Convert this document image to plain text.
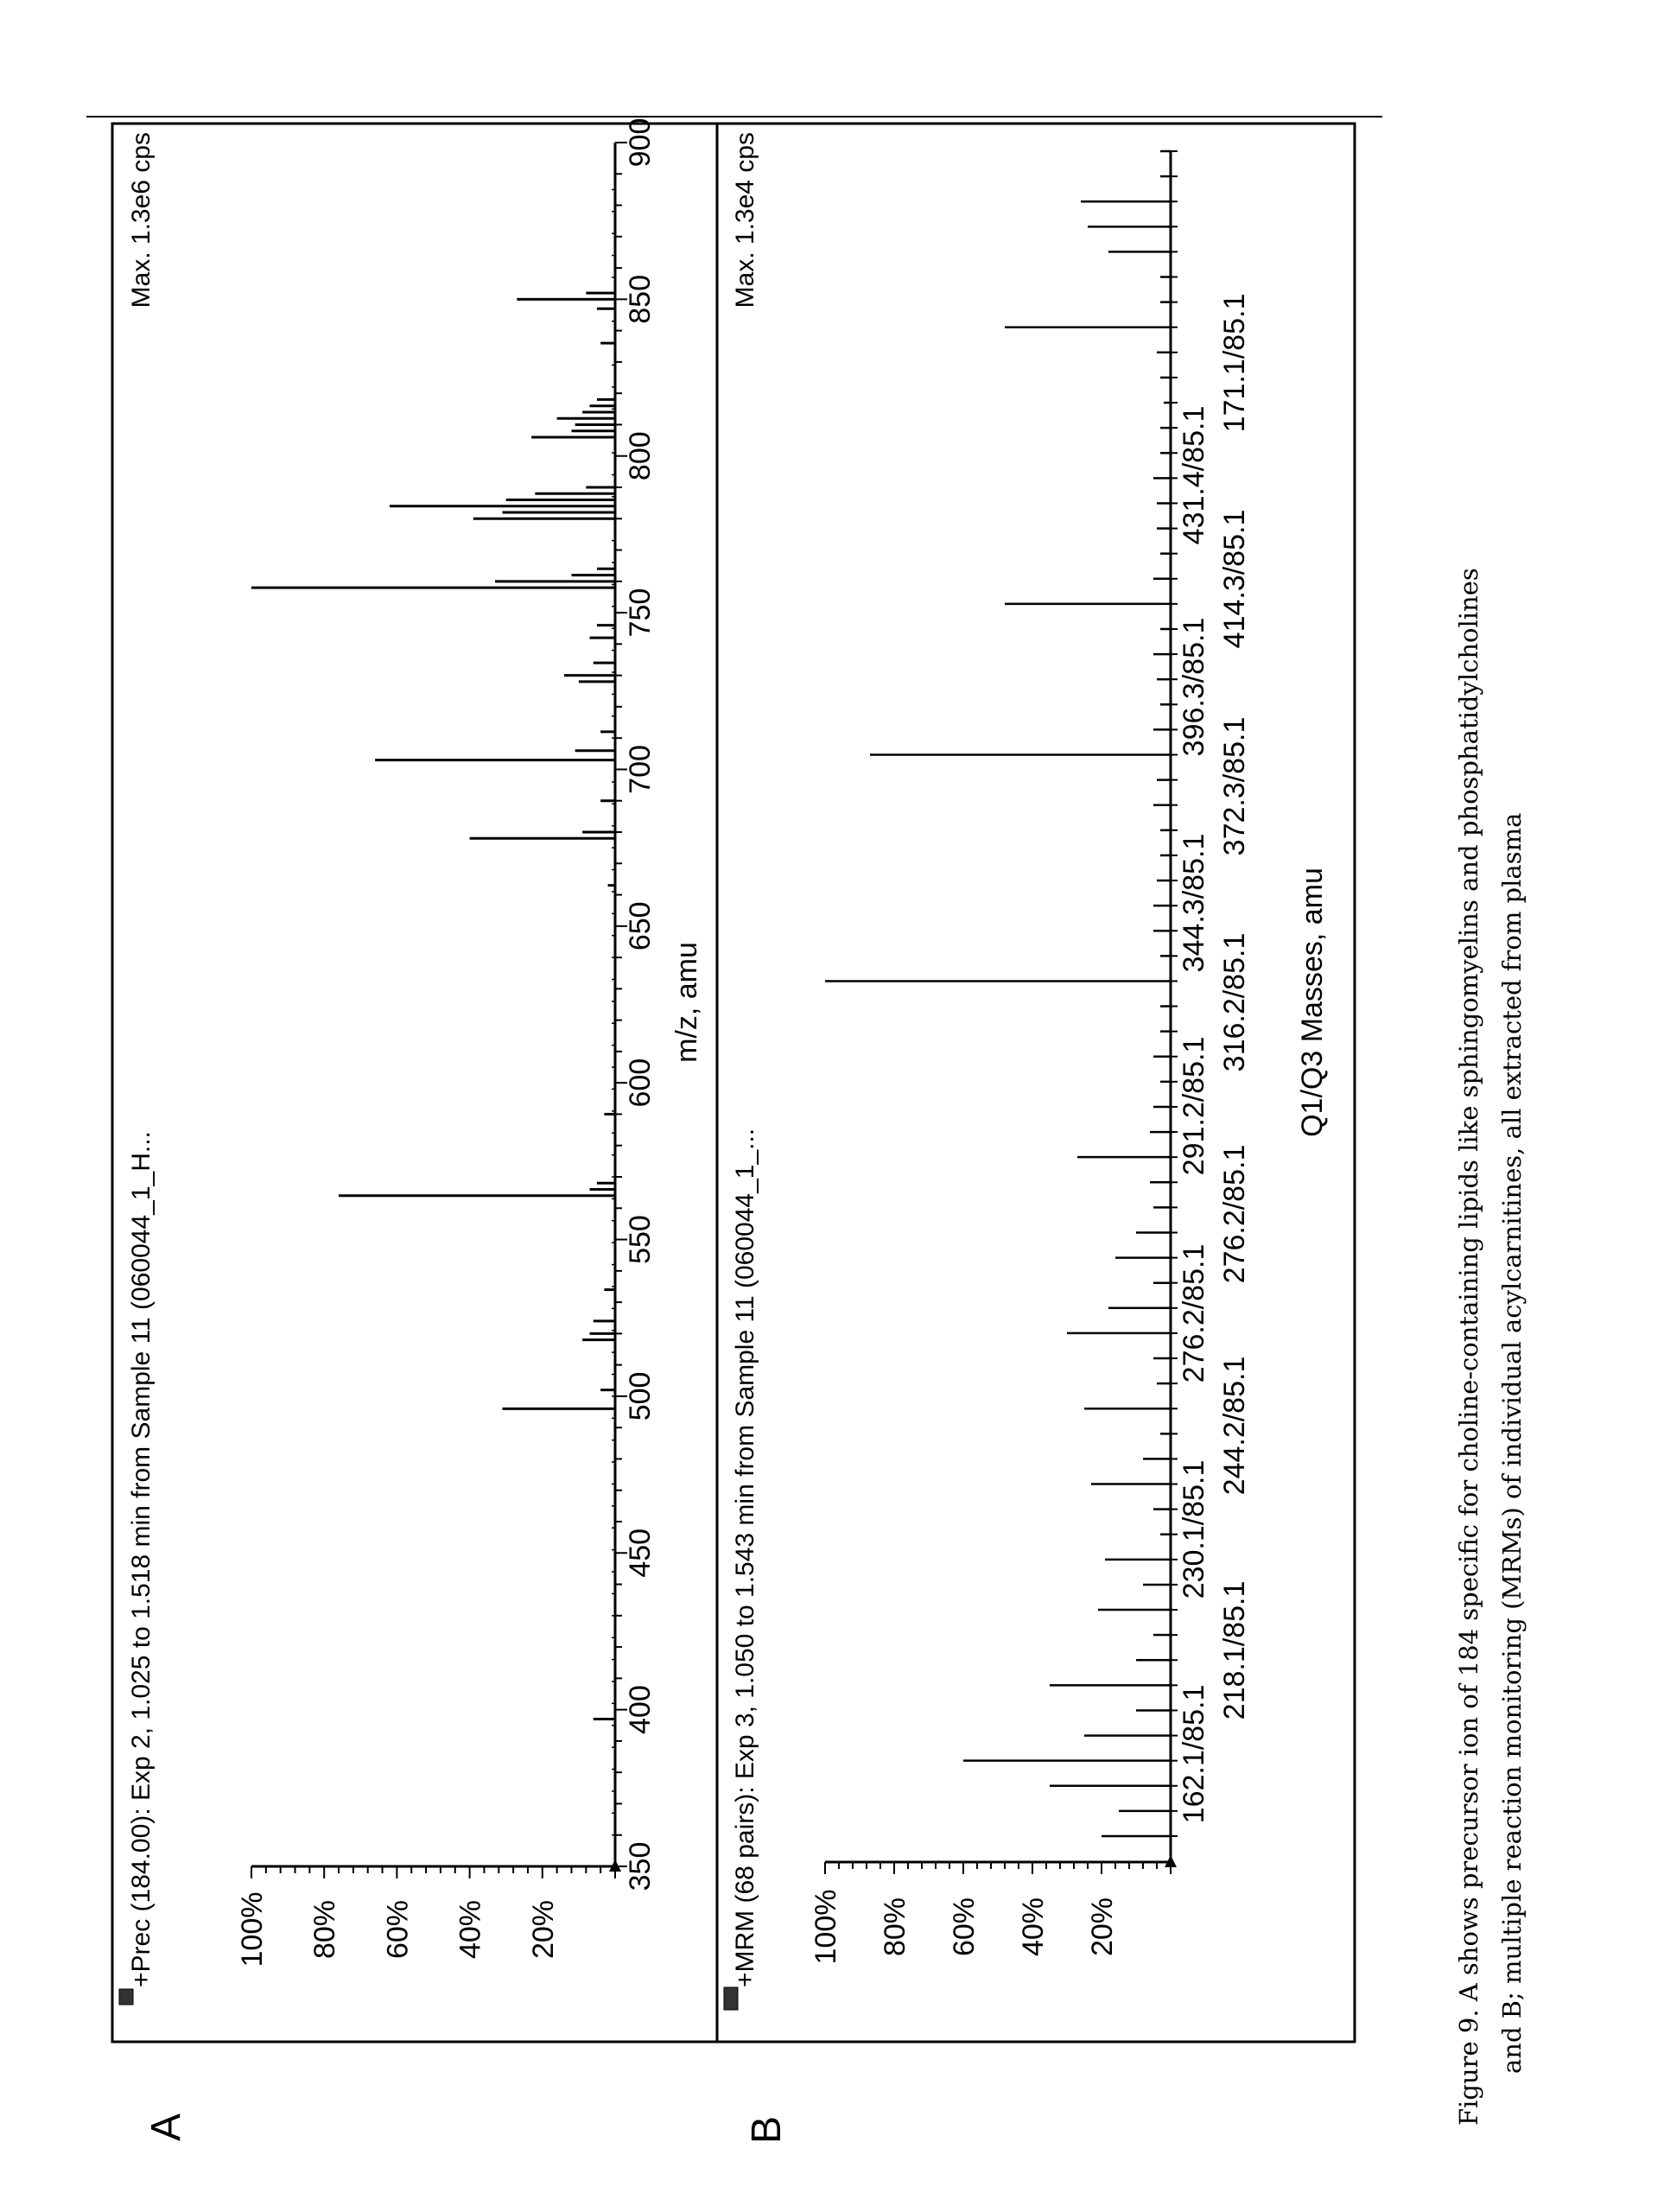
A	B
+Prec (184.00): Exp 2, 1.025 to 1.518 min from Sample 11 (060044_1_H...
Max. 1.3e6 cps
20%
40%
60%
80%
100%
350
400
450
500
550
600
650
700
750
800
850
900
m/z, amu
+MRM (68 pairs): Exp 3, 1.050 to 1.543 min from Sample 11 (060044_1_...
Max. 1.3e4 cps
20%
40%
60%
80%
100%
162.1/85.1
230.1/85.1
276.2/85.1
291.2/85.1
344.3/85.1
396.3/85.1
431.4/85.1
218.1/85.1
244.2/85.1
276.2/85.1
316.2/85.1
372.3/85.1
414.3/85.1
171.1/85.1
Q1/Q3 Masses, amu	Figure 9. A shows precursor ion of 184 specific for choline-containing lipids like sphingomyelins and phosphatidylcholines and B; multiple reaction monitoring (MRMs) of individual acylcarnitines, all extracted from plasma
